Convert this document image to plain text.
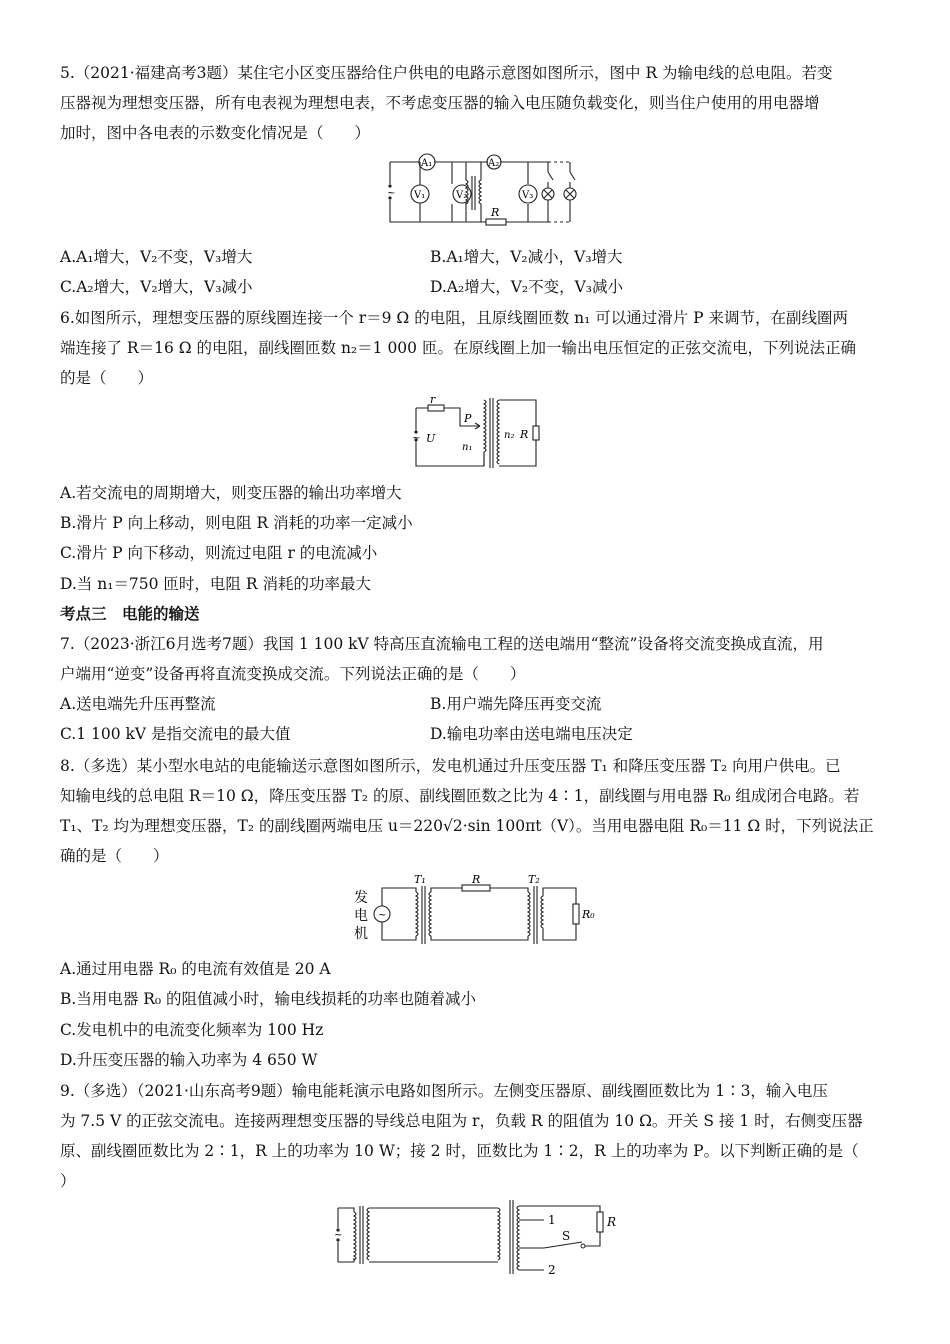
5.（2021·福建高考3题）某住宅小区变压器给住户供电的电路示意图如图所示，图中 R 为输电线的总电阻。若变
压器视为理想变压器，所有电表视为理想电表，不考虑变压器的输入电压随负载变化，则当住户使用的用电器增
加时，图中各电表的示数变化情况是（　　）
~
A₁	A₂
V₁	V₂	V₃
R
A.A₁增大，V₂不变，V₃增大	B.A₁增大，V₂减小，V₃增大
C.A₂增大，V₂增大，V₃减小	D.A₂增大，V₂不变，V₃减小
6.如图所示，理想变压器的原线圈连接一个 r＝9 Ω 的电阻，且原线圈匝数 n₁ 可以通过滑片 P 来调节，在副线圈两
端连接了 R＝16 Ω 的电阻，副线圈匝数 n₂＝1 000 匝。在原线圈上加一输出电压恒定的正弦交流电，下列说法正确
的是（　　）
~
r
P
U
n₁
n₂ R
A.若交流电的周期增大，则变压器的输出功率增大
B.滑片 P 向上移动，则电阻 R 消耗的功率一定减小
C.滑片 P 向下移动，则流过电阻 r 的电流减小
D.当 n₁＝750 匝时，电阻 R 消耗的功率最大
考点三　电能的输送
7.（2023·浙江6月选考7题）我国 1 100 kV 特高压直流输电工程的送电端用“整流”设备将交流变换成直流，用
户端用“逆变”设备再将直流变换成交流。下列说法正确的是（　　）
A.送电端先升压再整流	B.用户端先降压再变交流
C.1 100 kV 是指交流电的最大值	D.输电功率由送电端电压决定
8.（多选）某小型水电站的电能输送示意图如图所示，发电机通过升压变压器 T₁ 和降压变压器 T₂ 向用户供电。已
知输电线的总电阻 R＝10 Ω，降压变压器 T₂ 的原、副线圈匝数之比为 4∶1，副线圈与用电器 R₀ 组成闭合电路。若
T₁、T₂ 均为理想变压器，T₂ 的副线圈两端电压 u＝220√2·sin 100πt（V）。当用电器电阻 R₀＝11 Ω 时，下列说法正
确的是（　　）
~
发
电
机
T₁	T₂
R
R₀
A.通过用电器 R₀ 的电流有效值是 20 A
B.当用电器 R₀ 的阻值减小时，输电线损耗的功率也随着减小
C.发电机中的电流变化频率为 100 Hz
D.升压变压器的输入功率为 4 650 W
9.（多选）（2021·山东高考9题）输电能耗演示电路如图所示。左侧变压器原、副线圈匝数比为 1∶3，输入电压
为 7.5 V 的正弦交流电。连接两理想变压器的导线总电阻为 r，负载 R 的阻值为 10 Ω。开关 S 接 1 时，右侧变压器
原、副线圈匝数比为 2∶1，R 上的功率为 10 W；接 2 时，匝数比为 1∶2，R 上的功率为 P。以下判断正确的是（
）
~
1
2
S
R
